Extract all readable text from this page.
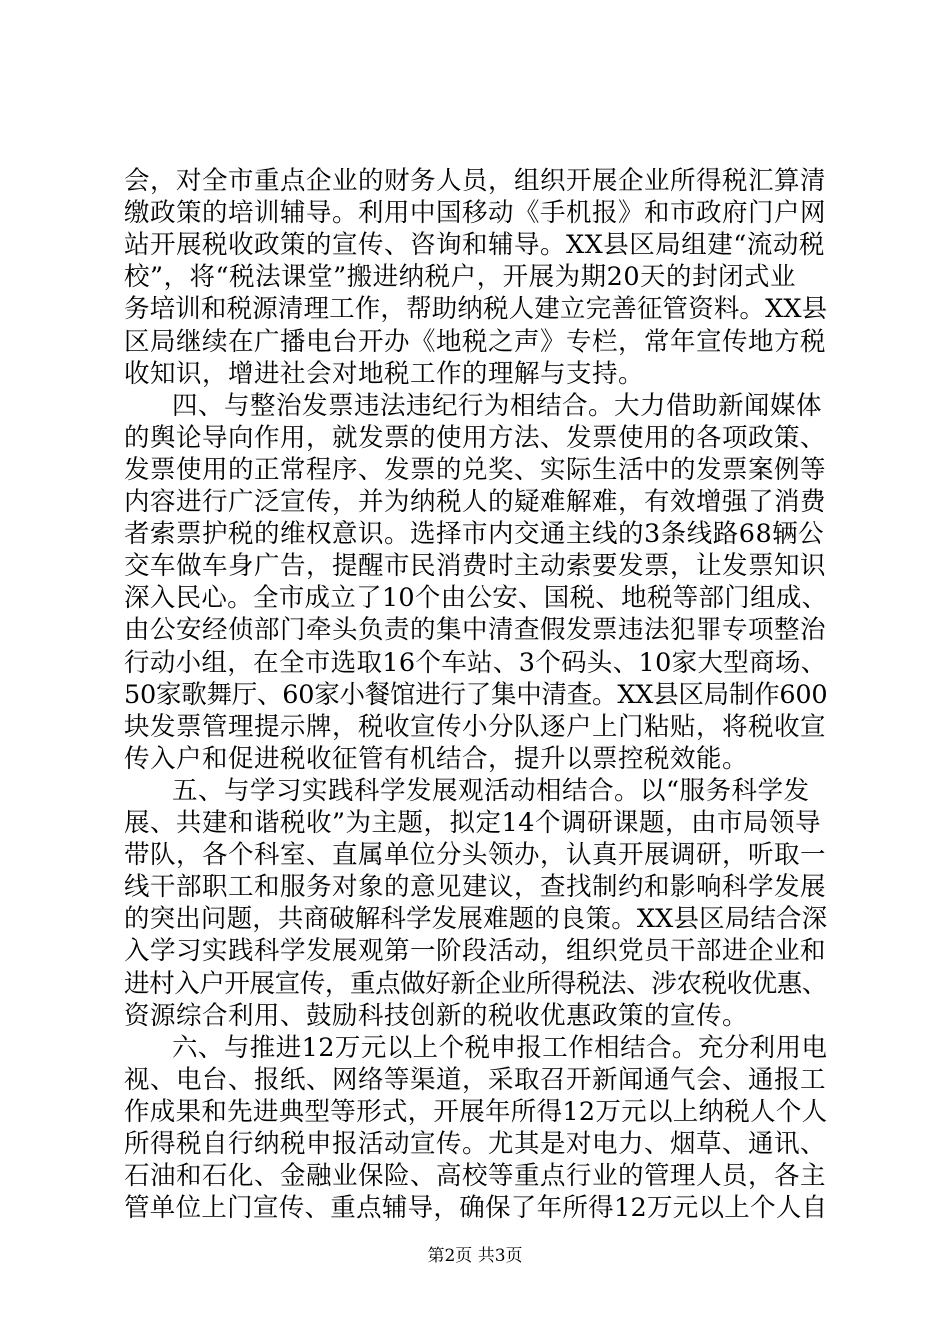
会，对全市重点企业的财务人员，组织开展企业所得税汇算清
缴政策的培训辅导。利用中国移动《手机报》和市政府门户网
站开展税收政策的宣传、咨询和辅导。XX县区局组建“流动税
校”，将“税法课堂”搬进纳税户，开展为期20天的封闭式业
务培训和税源清理工作，帮助纳税人建立完善征管资料。XX县
区局继续在广播电台开办《地税之声》专栏，常年宣传地方税
收知识，增进社会对地税工作的理解与支持。
四、与整治发票违法违纪行为相结合。大力借助新闻媒体
的舆论导向作用，就发票的使用方法、发票使用的各项政策、
发票使用的正常程序、发票的兑奖、实际生活中的发票案例等
内容进行广泛宣传，并为纳税人的疑难解难，有效增强了消费
者索票护税的维权意识。选择市内交通主线的3条线路68辆公
交车做车身广告，提醒市民消费时主动索要发票，让发票知识
深入民心。全市成立了10个由公安、国税、地税等部门组成、
由公安经侦部门牵头负责的集中清查假发票违法犯罪专项整治
行动小组，在全市选取16个车站、3个码头、10家大型商场、
50家歌舞厅、60家小餐馆进行了集中清查。XX县区局制作600
块发票管理提示牌，税收宣传小分队逐户上门粘贴，将税收宣
传入户和促进税收征管有机结合，提升以票控税效能。
五、与学习实践科学发展观活动相结合。以“服务科学发
展、共建和谐税收”为主题，拟定14个调研课题，由市局领导
带队，各个科室、直属单位分头领办，认真开展调研，听取一
线干部职工和服务对象的意见建议，查找制约和影响科学发展
的突出问题，共商破解科学发展难题的良策。XX县区局结合深
入学习实践科学发展观第一阶段活动，组织党员干部进企业和
进村入户开展宣传，重点做好新企业所得税法、涉农税收优惠、
资源综合利用、鼓励科技创新的税收优惠政策的宣传。
六、与推进12万元以上个税申报工作相结合。充分利用电
视、电台、报纸、网络等渠道，采取召开新闻通气会、通报工
作成果和先进典型等形式，开展年所得12万元以上纳税人个人
所得税自行纳税申报活动宣传。尤其是对电力、烟草、通讯、
石油和石化、金融业保险、高校等重点行业的管理人员，各主
管单位上门宣传、重点辅导，确保了年所得12万元以上个人自
第2页 共3页
